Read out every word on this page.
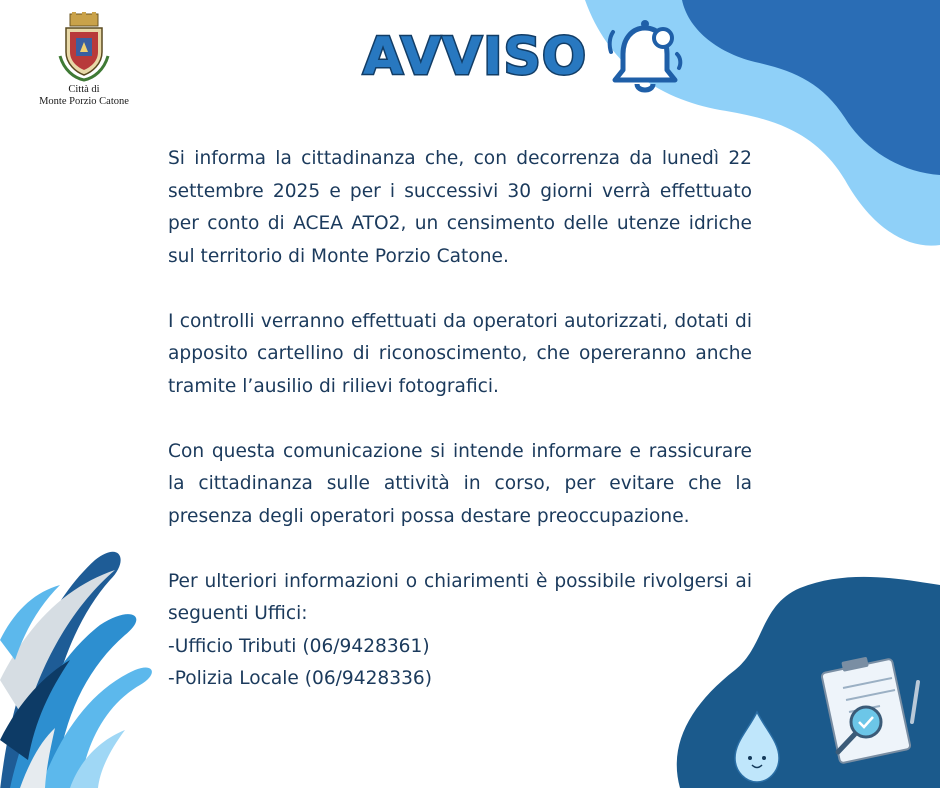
Città di
Monte Porzio Catone
AVVISO

Si informa la cittadinanza che, con decorrenza da lunedì 22 settembre 2025 e per i successivi 30 giorni verrà effettuato per conto di ACEA ATO2, un censimento delle utenze idriche sul territorio di Monte Porzio Catone.

I controlli verranno effettuati da operatori autorizzati, dotati di apposito cartellino di riconoscimento, che opereranno anche tramite l’ausilio di rilievi fotografici.

Con questa comunicazione si intende informare e rassicurare la cittadinanza sulle attività in corso, per evitare che la presenza degli operatori possa destare preoccupazione.

Per ulteriori informazioni o chiarimenti è possibile rivolgersi ai seguenti Uffici:

-Ufficio Tributi (06/9428361)

-Polizia Locale (06/9428336)
